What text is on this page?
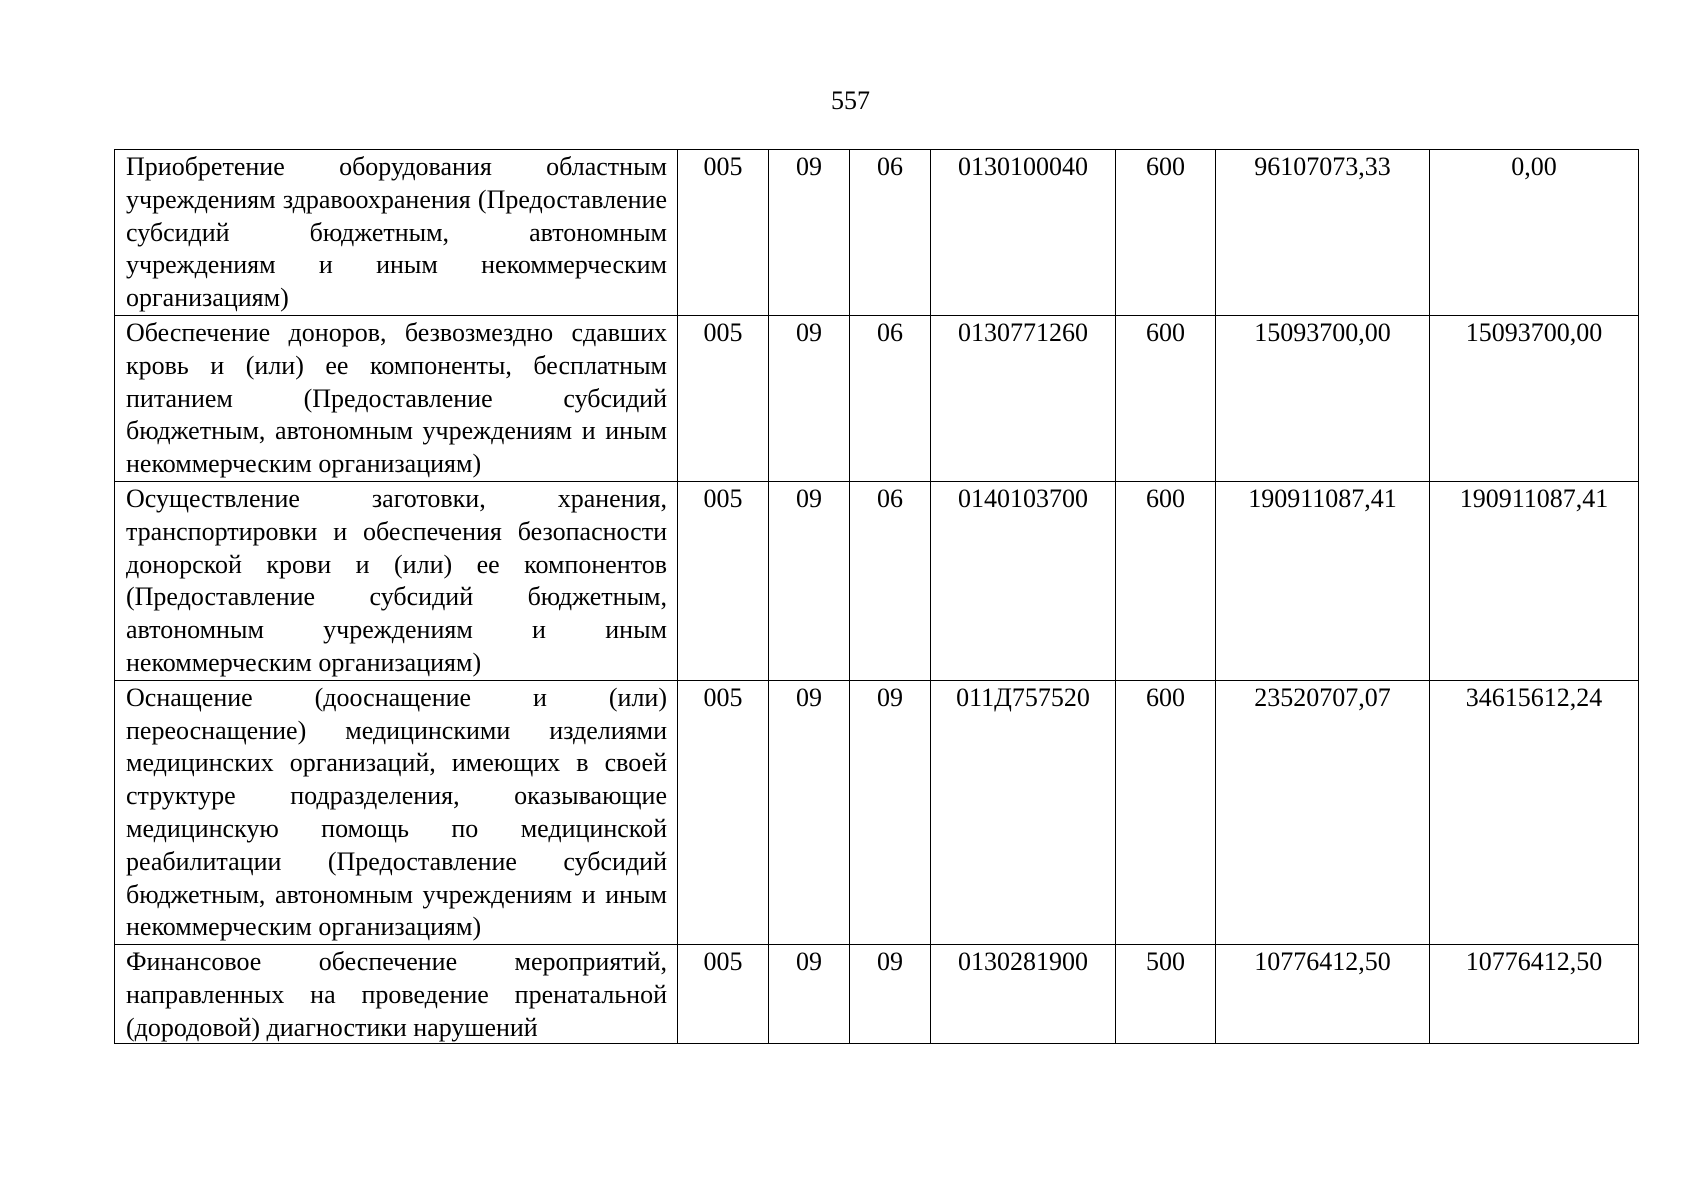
557
Приобретение оборудования областным учреждениям здравоохранения (Предоставление субсидий бюджетным, автономным учреждениям и иным некоммерческим организациям)	005	09	06	0130100040	600	96107073,33	0,00
Обеспечение доноров, безвозмездно сдавших кровь и (или) ее компоненты, бесплатным питанием (Предоставление субсидий бюджетным, автономным учреждениям и иным некоммерческим организациям)	005	09	06	0130771260	600	15093700,00	15093700,00
Осуществление заготовки, хранения, транспортировки и обеспечения безопасности донорской крови и (или) ее компонентов (Предоставление субсидий бюджетным, автономным учреждениям и иным некоммерческим организациям)	005	09	06	0140103700	600	190911087,41	190911087,41
Оснащение (дооснащение и (или) переоснащение) медицинскими изделиями медицинских организаций, имеющих в своей структуре подразделения, оказывающие медицинскую помощь по медицинской реабилитации (Предоставление субсидий бюджетным, автономным учреждениям и иным некоммерческим организациям)	005	09	09	011Д757520	600	23520707,07	34615612,24

Финансовое обеспечение мероприятий, направленных на проведение пренатальной (дородовой) диагностики нарушений	005	09	09	0130281900	500	10776412,50	10776412,50
